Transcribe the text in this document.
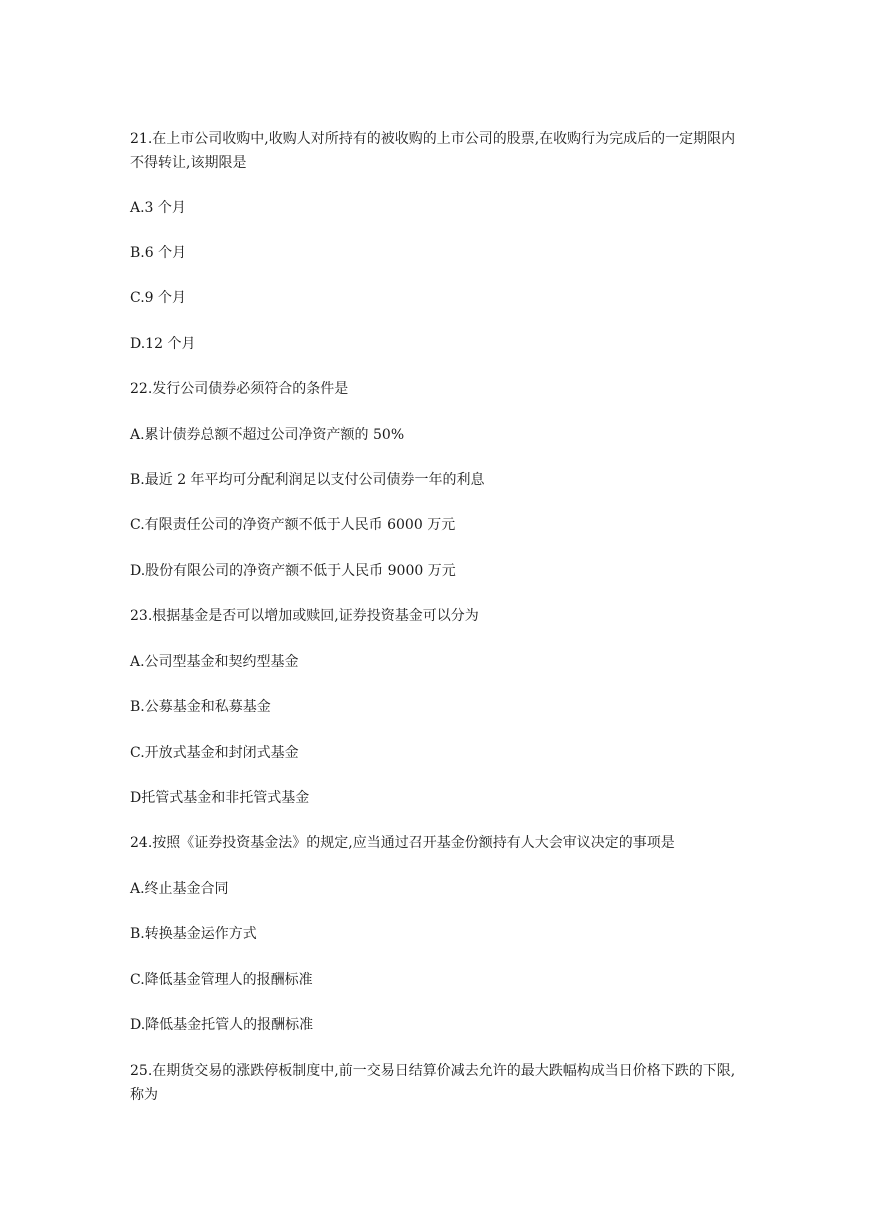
21.在上市公司收购中,收购人对所持有的被收购的上市公司的股票,在收购行为完成后的一定期限内不得转让,该期限是
A.3 个月
B.6 个月
C.9 个月
D.12 个月
22.发行公司债券必须符合的条件是
A.累计债券总额不超过公司净资产额的 50%
B.最近 2 年平均可分配利润足以支付公司债券一年的利息
C.有限责任公司的净资产额不低于人民币 6000 万元
D.股份有限公司的净资产额不低于人民币 9000 万元
23.根据基金是否可以增加或赎回,证券投资基金可以分为
A.公司型基金和契约型基金
B.公募基金和私募基金
C.开放式基金和封闭式基金
D托管式基金和非托管式基金
24.按照《证券投资基金法》的规定,应当通过召开基金份额持有人大会审议决定的事项是
A.终止基金合同
B.转换基金运作方式
C.降低基金管理人的报酬标准
D.降低基金托管人的报酬标准
25.在期货交易的涨跌停板制度中,前一交易日结算价减去允许的最大跌幅构成当日价格下跌的下限,称为
